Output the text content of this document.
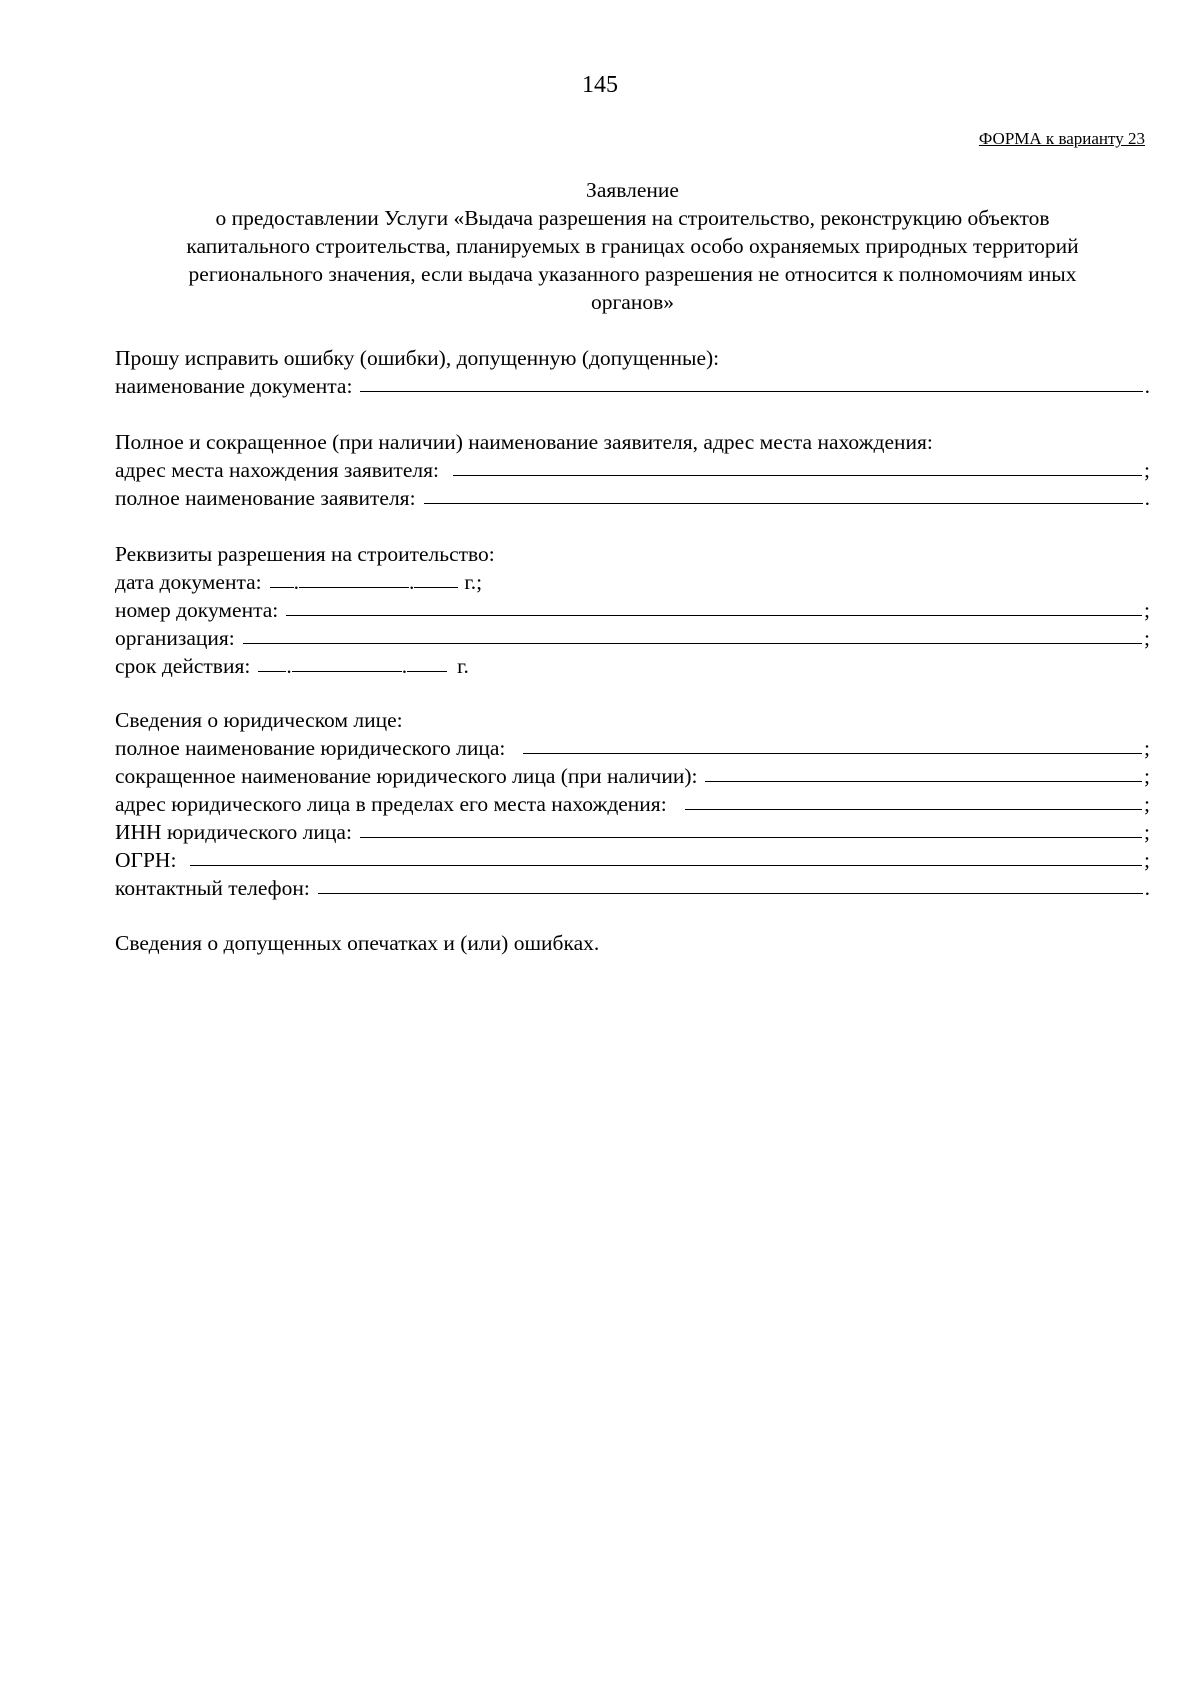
145
ФОРМА к варианту 23
Заявление
о предоставлении Услуги «Выдача разрешения на строительство, реконструкцию объектов
капитального строительства, планируемых в границах особо охраняемых природных территорий
регионального значения, если выдача указанного разрешения не относится к полномочиям иных
органов»
Прошу исправить ошибку (ошибки), допущенную (допущенные):
наименование документа:	.
Полное и сокращенное (при наличии) наименование заявителя, адрес места нахождения:
адрес места нахождения заявителя:	;
полное наименование заявителя:	.
Реквизиты разрешения на строительство:
дата документа: .	. г.;
номер документа:	;
организация:	;
срок действия: .	. г.
Сведения о юридическом лице:
полное наименование юридического лица:	;
сокращенное наименование юридического лица (при наличии):	;
адрес юридического лица в пределах его места нахождения:	;
ИНН юридического лица:	;
ОГРН:	;
контактный телефон:	.
Сведения о допущенных опечатках и (или) ошибках.
